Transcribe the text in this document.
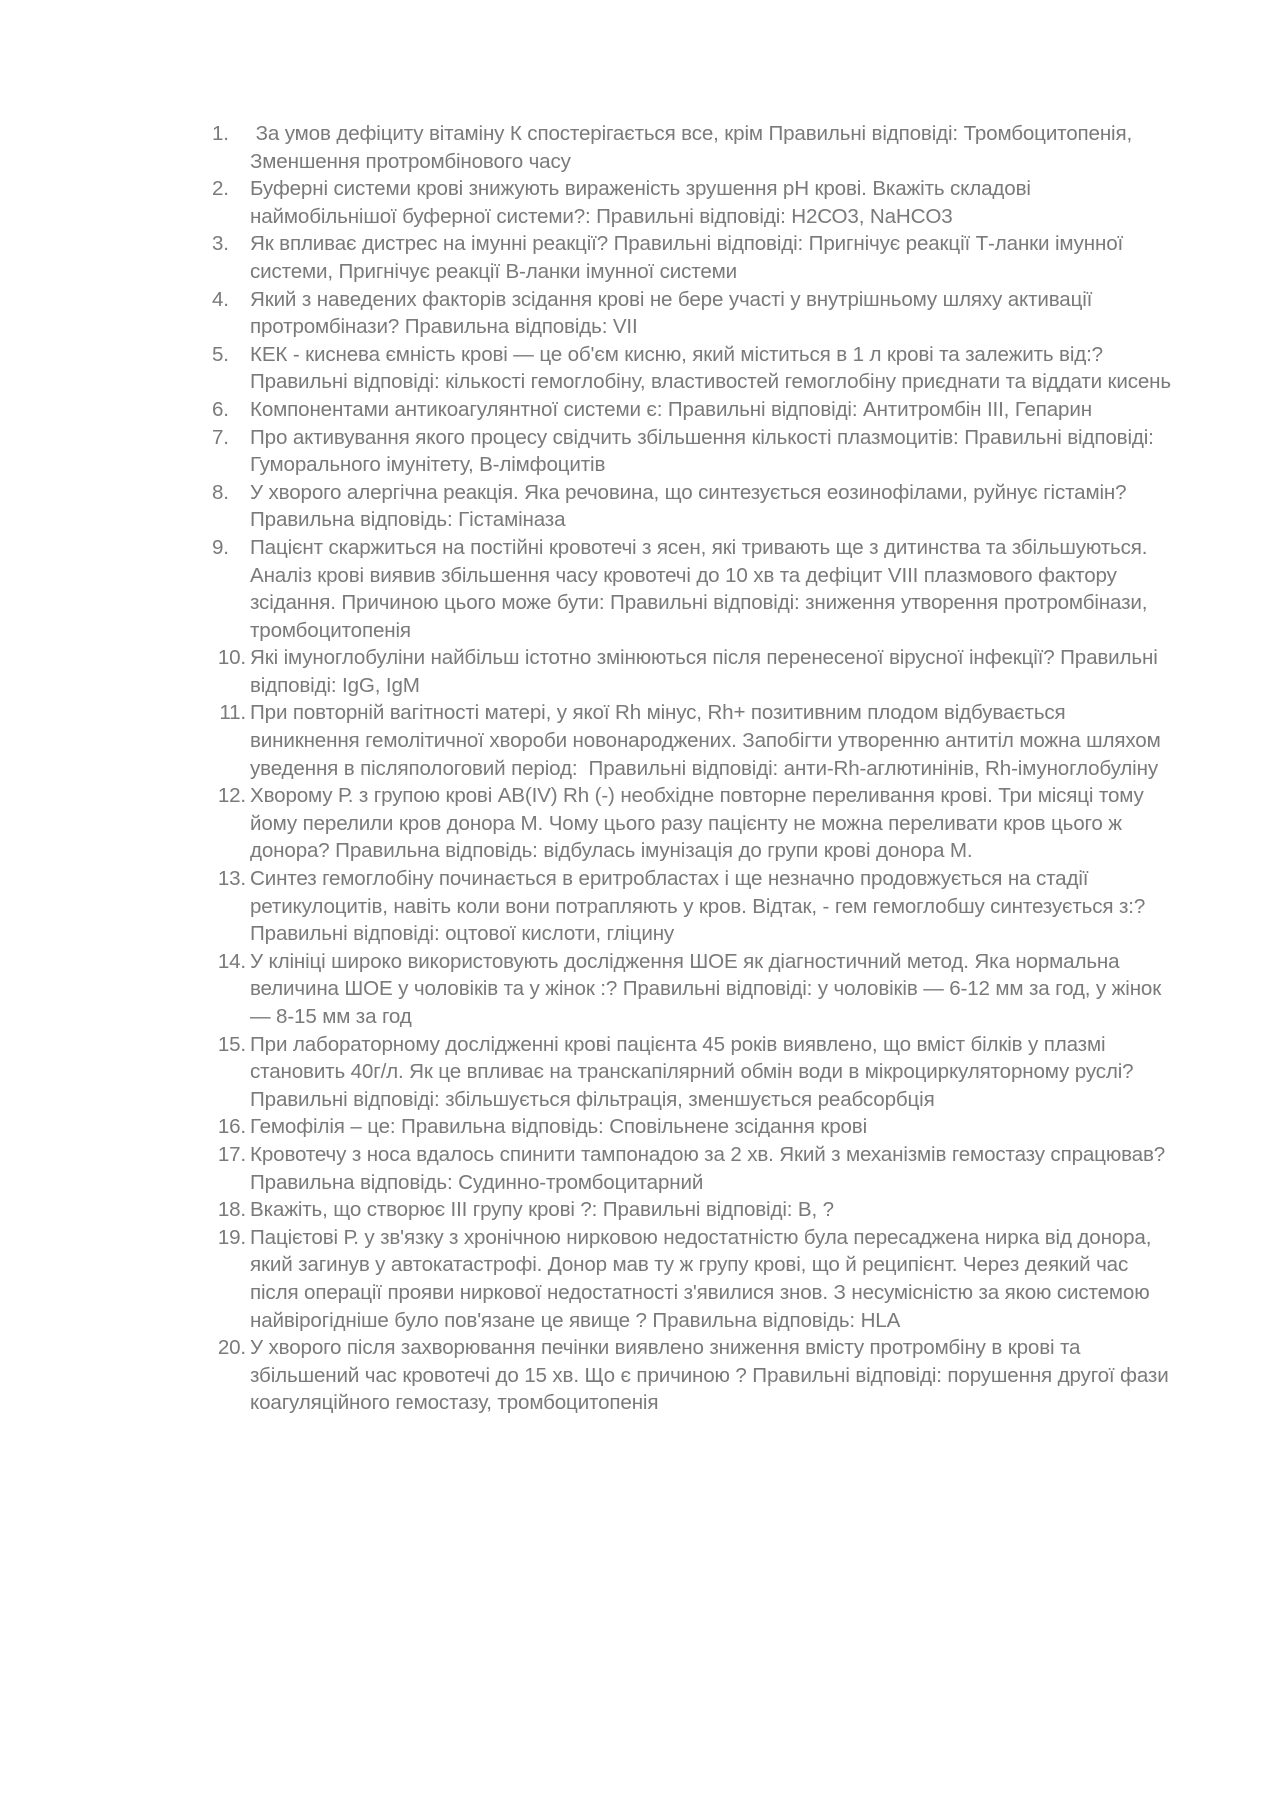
1.	За умов дефіциту вітаміну К спостерігається все, крім Правильні відповіді: Тромбоцитопенія, Зменшення протромбінового часу
2.	Буферні системи крові знижують вираженість зрушення рН крові. Вкажіть складові наймобільнішої буферної системи?: Правильні відповіді: Н2СО3, NaHCO3
3.	Як впливає дистрес на імунні реакції? Правильні відповіді: Пригнічує реакції Т-ланки імунної системи, Пригнічує реакції В-ланки імунної системи
4.	Який з наведених факторів зсідання крові не бере участі у внутрішньому шляху активації протромбінази? Правильна відповідь: VII
5.	КЕК - киснева ємність крові — це об'єм кисню, який міститься в 1 л крові та залежить від:? Правильні відповіді: кількості гемоглобіну, властивостей гемоглобіну приєднати та віддати кисень
6.	Компонентами антикоагулянтної системи є: Правильні відповіді: Антитромбін ІІІ, Гепарин
7.	Про активування якого процесу свідчить збільшення кількості плазмоцитів: Правильні відповіді: Гуморального імунітету, В-лімфоцитів
8.	У хворого алергічна реакція. Яка речовина, що синтезується еозинофілами, руйнує гістамін? Правильна відповідь: Гістаміназа
9.	Пацієнт скаржиться на постійні кровотечі з ясен, які тривають ще з дитинства та збільшуються. Аналіз крові виявив збільшення часу кровотечі до 10 хв та дефіцит VIII плазмового фактору зсідання. Причиною цього може бути: Правильні відповіді: зниження утворення протромбінази, тромбоцитопенія
10. Які імуноглобуліни найбільш істотно змінюються після перенесеної вірусної інфекції? Правильні відповіді: IgG, IgM
11. При повторній вагітності матері, у якої Rh мінус, Rh+ позитивним плодом відбувається виникнення гемолітичної хвороби новонароджених. Запобігти утворенню антитіл можна шляхом уведення в післяпологовий період:  Правильні відповіді: анти-Rh-аглютинінів, Rh-імуноглобуліну
12. Хворому Р. з групою крові AB(IV) Rh (-) необхідне повторне переливання крові. Три місяці тому йому перелили кров донора М. Чому цього разу пацієнту не можна переливати кров цього ж донора? Правильна відповідь: відбулась імунізація до групи крові донора М.
13. Синтез гемоглобіну починається в еритробластах і ще незначно продовжується на стадії ретикулоцитів, навіть коли вони потрапляють у кров. Відтак, - гем гемоглобшу синтезується з:? Правильні відповіді: оцтової кислоти, гліцину
14. У клініці широко використовують дослідження ШОЕ як діагностичний метод. Яка нормальна величина ШОЕ у чоловіків та у жінок :? Правильні відповіді: у чоловіків — 6-12 мм за год, у жінок — 8-15 мм за год
15. При лабораторному дослідженні крові пацієнта 45 років виявлено, що вміст білків у плазмі становить 40г/л. Як це впливає на транскапілярний обмін води в мікроциркуляторному руслі? Правильні відповіді: збільшується фільтрація, зменшується реабсорбція
16. Гемофілія – це: Правильна відповідь: Сповільнене зсідання крові
17. Кровотечу з носа вдалось спинити тампонадою за 2 хв. Який з механізмів гемостазу спрацював? Правильна відповідь: Судинно-тромбоцитарний
18. Вкажіть, що створює ІІІ групу крові ?: Правильні відповіді: В, ?
19. Пацієтові Р. у зв'язку з хронічною нирковою недостатністю була пересаджена нирка від донора, який загинув у автокатастрофі. Донор мав ту ж групу крові, що й реципієнт. Через деякий час після операції прояви ниркової недостатності з'явилися знов. З несумісністю за якою системою найвірогідніше було пов'язане це явище ? Правильна відповідь: HLA
20. У хворого після захворювання печінки виявлено зниження вмісту протромбіну в крові та збільшений час кровотечі до 15 хв. Що є причиною ? Правильні відповіді: порушення другої фази коагуляційного гемостазу, тромбоцитопенія
